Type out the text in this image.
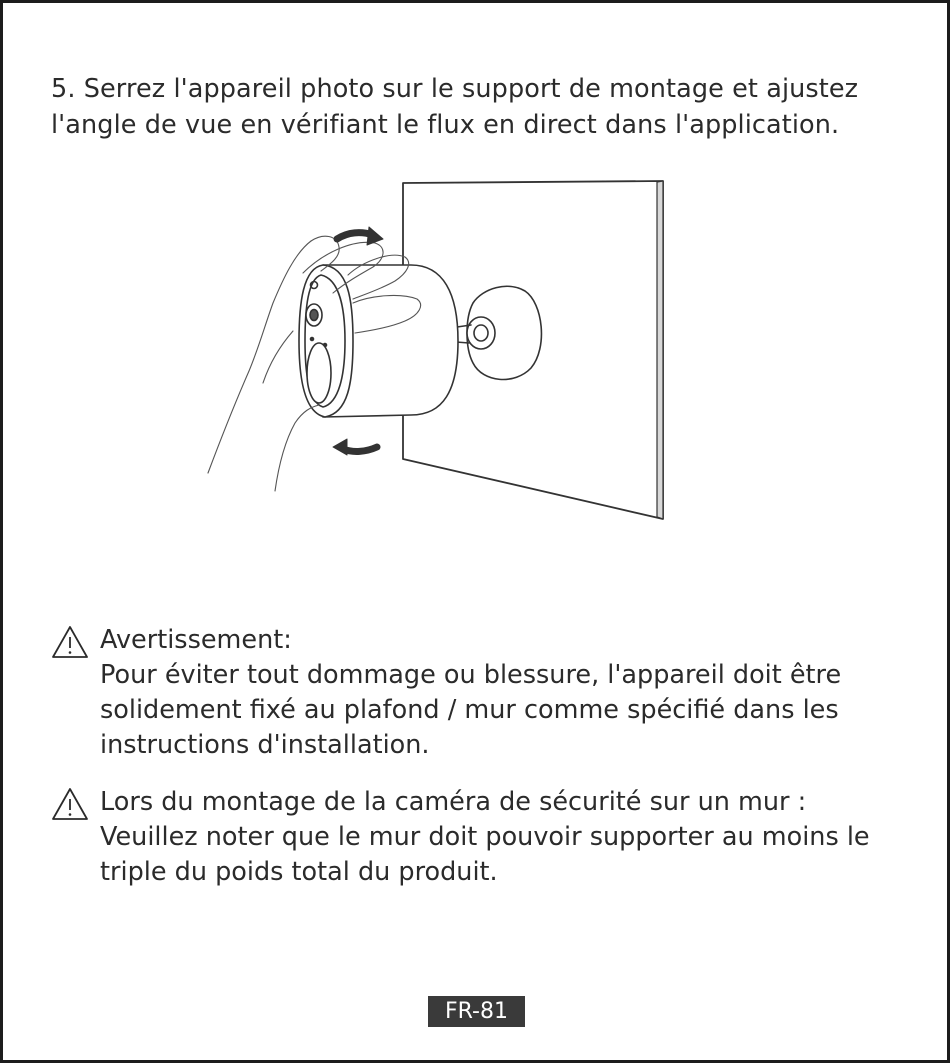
5. Serrez l'appareil photo sur le support de montage et ajustez l'angle de vue en vérifiant le flux en direct dans l'application.

Avertissement:

Pour éviter tout dommage ou blessure, l'appareil doit être solidement fixé au plafond / mur comme spécifié dans les instructions d'installation.

Lors du montage de la caméra de sécurité sur un mur :

Veuillez noter que le mur doit pouvoir supporter au moins le triple du poids total du produit.

FR-81
